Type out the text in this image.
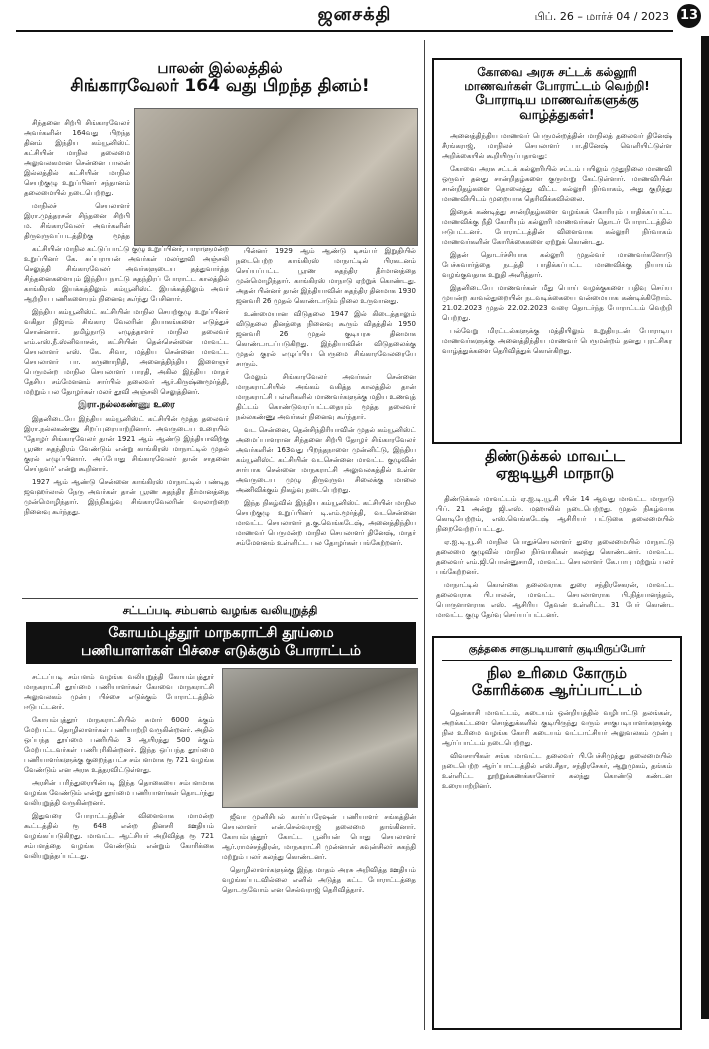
ஜனசக்தி	பிப். 26 – மார்ச் 04 / 2023 13
பாலன் இல்லத்தில்
சிங்காரவேலர் 164 வது பிறந்த தினம்!

சிந்தனை சிற்பி சிங்காரவேலர் அவர்களின் 164வது பிறந்த தினம் இந்திய கம்யூனிஸ்ட் கட்சியின் மாநில தலைமை அலுவலகமான சென்னை பாலன் இல்லத்தில் கட்சியின் மாநில செயற்குழு உறுப்பினர் சந்தானம் தலைமையில் நடைபெற்றது.

மாநிலச் செயலாளர் இரா.முத்தரசன் சிந்தனை சிற்பி ம. சிங்காரவேலர் அவர்களின் திருவுருவப்படத்திற்கு மூத்த

கட்சியின் மாநில கட்டுப்பாட்டு குழு உறுப்பினர், பாராளுமன்ற உறுப்பினர் கே. சுப்பராயன் அவர்கள் மலர்தூவி அஞ்சலி செலுத்தி சிங்காரவேலர் அவர்களுடைய தத்துவார்த்த சிந்தனைகளையும் இந்திய நாட்டு சுதந்திரப் போராட்ட காலத்தில் காங்கிரஸ் இயக்கத்திலும் கம்யூனிஸ்ட் இயக்கத்திலும் அவர் ஆற்றிய பணிகளையும் நினைவு கூர்ந்து பேசினார்.

இந்திய கம்யூனிஸ்ட் கட்சியின் மாநில செயற்குழு உறுப்பினர் வகிதா நிஜாம் சிங்கார வேலரின் தியாகங்களை எடுத்துச் சொன்னார். தமிழ்நாடு எழுத்தாளர் மாநில தலைவர் எம்.எஸ்.நீ.ஸ்னிவாசன், கட்சியின் தென்சென்னை மாவட்ட செயலாளர் எஸ். கே. சிவா, மத்திய சென்னை மாவட்ட செயலாளர் பா. கருணாநிதி, அனைத்திந்திய இளைஞர் பெருமன்ற மாநில செயலாளர் பாரதி, அகில இந்திய மாதர் தேசிய சம்மேளனம் சார்பில் தலைவர் ஆர்.கிருஷ்ணமூர்த்தி, மற்றும் பல தோழர்கள் மலர் தூவி அஞ்சலி செலுத்தினர்.

இரா.நல்லகண்ணு உரை

இதனிடையே இந்திய கம்யூனிஸ்ட் கட்சியின் மூத்த தலைவர் இரா.நல்லகண்ணு சிறப்புரையாற்றினார். அவருடைய உரையில் 'தோழர் சிங்காரவேலர் தான் 1921 ஆம் ஆண்டு இந்தியாவிற்கு பூரண சுதந்திரம் வேண்டும் என்று காங்கிரஸ் மாநாட்டில் முதல் குரல் எழுப்பினார். அப்போது சிங்காரவேலர் தான் சாதனை செய்தவர்' என்று கூறினார்.

1927 ஆம் ஆண்டு சென்னை காங்கிரஸ் மாநாட்டில் பண்டித ஜவஹர்லால் நேரு அவர்கள் தான் பூரண சுதந்திர தீர்மானத்தை முன்மொழிந்தார். இந்நிகழ்வு சிங்காரவேலரின் வரலாற்றை நினைவு கூர்ந்தது.

பின்னர் 1929 ஆம் ஆண்டு டிசம்பர் இறுதியில் நடைபெற்ற காங்கிரஸ் மாநாட்டில் பிரகடனம் செய்யப்பட்ட பூரண சுதந்திர தீர்மானத்தை முன்மொழிந்தார். காங்கிரஸ் மாநாடு ஏற்றுக் கொண்டது. அதன் பின்னர் தான் இந்தியாவின் சுதந்திர தினமாக 1930 ஜனவரி 26 முதல் கொண்டாடும் நிலை உருவானது.

உண்மையான விடுதலை 1947 இல் கிடைத்தாலும் விடுதலை தினத்தை நினைவு கூரும் விதத்தில் 1950 ஜனவரி 26 முதல் குடியரசு தினமாக கொண்டாடப்படுகிறது. இந்தியாவின் விடுதலைக்கு முதல் குரல் எழுப்பிய பெருமை சிங்காரவேலரையே சாரும்.

மேலும் சிங்காரவேலர் அவர்கள் சென்னை மாநகராட்சியில் அங்கம் வகித்த காலத்தில் தான் மாநகராட்சி பள்ளிகளில் மாணவர்களுக்கு மதிய உணவுத் திட்டம் கொண்டுவரப்பட்டதையும் மூத்த தலைவர் நல்லகண்ணு அவர்கள் நினைவு கூர்ந்தார்.

வட சென்னை, தென்சிந்திரியாவின் முதல் கம்யூனிஸ்ட் அமைப்பாளரான சிந்தனை சிற்பி தோழர் சிங்காரவேலர் அவர்களின் 163வது பிறந்தநாளை முன்னிட்டு, இந்திய கம்யூனிஸ்ட் கட்சியின் வடசென்னை மாவட்ட குழுவின் சார்பாக சென்னை மாநகராட்சி அலுவலகத்தில் உள்ள அவருடைய முழு திருவுருவ சிலைக்கு மாலை அணிவிக்கும் நிகழ்வு நடைபெற்றது.

இந்த நிகழ்வில் இந்திய கம்யூனிஸ்ட் கட்சியின் மாநில செயற்குழு உறுப்பினர் டி.எம்.மூர்த்தி, வடசென்னை மாவட்ட செயலாளர் த.கு.வெங்கடேஷ், அனைத்திந்திய மாணவர் பெருமன்ற மாநில செயலாளர் தினேஷ், மாதர் சம்மேளனம் உள்ளிட்ட பல தோழர்கள் பங்கேற்றனர்.

சட்டப்படி சம்பளம் வழங்க வலியுறுத்தி
கோயம்புத்தூர் மாநகராட்சி தூய்மை
பணியாளர்கள் பிச்சை எடுக்கும் போராட்டம்

சட்டப்படி சம்பளம் வழங்க வலியுறுத்தி கோயம்புத்தூர் மாநகராட்சி தூய்மை பணியாளர்கள் கோவை மாநகராட்சி அலுவலகம் முன்பு பிச்சை எடுக்கும் போராட்டத்தில் ஈடுபட்டனர்.

கோயம்புத்தூர் மாநகராட்சியில் சுமார் 6000 க்கும் மேற்பட்ட தொழிலாளர்கள் பணியாற்றி வருகின்றனர். அதில் ஒப்பந்த தூய்மை பணியில் 3 ஆயிரத்து 500 க்கும் மேற்பட்டவர்கள் பணிபுரிகின்றனர். இந்த ஒப்பந்த தூய்மை பணியாளர்களுக்கு குறைந்தபட்ச சம்பளமாக ரூ 721 வழங்க வேண்டும் என அரசு உத்தரவிட்டுள்ளது.

அரசின் பரிந்துரையின்படி இந்த தொகையை சம்பளமாக வழங்க வேண்டும் என்று தூய்மை பணியாளர்கள் தொடர்ந்து வலியுறுத்தி வருகின்றனர்.

இதுவரை போராட்டத்தின் விளைவாக மாமன்ற கூட்டத்தில் ரூ 648 என்ற தினசரி ஊதியம் வழங்கப்படுகிறது. மாவட்ட ஆட்சியர் அறிவித்த ரூ 721 சம்பளத்தை வழங்க வேண்டும் என்றும் கோரிக்கை வலியுறுத்தப்பட்டது.

ஜீவா முனிசிபல் கார்ப்பரேஷன் பணியாளர் சங்கத்தின் செயலாளர் என்.செல்வராஜ் தலைமை தாங்கினார். கோயம்புத்தூர் கோட்ட பூனியன் பொது செயலாளர் ஆர்.ராமச்சந்திரன், மாநகராட்சி முன்னாள் கவுன்சிலர் சுகந்தி மற்றும் பலர் கலந்து கொண்டனர்.

தொழிலாளர்களுக்கு இந்த மாதம் அரசு அறிவித்த ஊதியம் வழங்கப்படவில்லை எனில் அடுத்த கட்ட போராட்டத்தை தொடருவோம் என செல்வராஜ் தெரிவித்தார்.

கோவை அரசு சட்டக் கல்லூரி
மாணவர்கள் போராட்டம் வெற்றி!
போராடிய மாணவர்களுக்கு
வாழ்த்துகள்!

அனைத்திந்திய மாணவர் பெருமன்றத்தின் மாநிலத் தலைவர் தினேஷ் சீரங்கராஜ், மாநிலச் செயலாளர் பா.தினேஷ் வெளியிட்டுள்ள அறிக்கையில் கூறியிருப்பதாவது:

கோவை அரசு சட்டக் கல்லூரியில் சட்டம் பயிலும் முதுநிலை மாணவி ஒருவர் தனது சான்றிதழ்களை குருமாறு கேட்டுள்ளார். மாணவியின் சான்றிதழ்களை தொலைத்து விட்ட கல்லூரி நிர்வாகம், அது குறித்து மாணவியிடம் முறையாக தெரிவிக்கவில்லை.

இதைக் கண்டித்து சான்றிதழ்களை வழங்கக் கோரியும் பாதிக்கப்பட்ட மாணவிக்கு நீதி கோரியும் கல்லூரி மாணவர்கள் தொடர் போராட்டத்தில் ஈடுபட்டனர். போராட்டத்தின் விளைவாக கல்லூரி நிர்வாகம் மாணவர்களின் கோரிக்கைகளை ஏற்றுக் கொண்டது.

இதன் தொடர்ச்சியாக கல்லூரி முதல்வர் மாணவர்களோடு பேச்சுவார்த்தை நடத்தி பாதிக்கப்பட்ட மாணவிக்கு நியாயம் வழங்குவதாக உறுதி அளித்தார்.

இதனிடையே மாணவர்கள் மீது பொய் வழக்குகளை பதிவு செய்ய முயன்ற காவல்துறையின் நடவடிக்கையை வன்மையாக கண்டிக்கிறோம். 21.02.2023 முதல் 22.02.2023 வரை தொடர்ந்த போராட்டம் வெற்றி பெற்றது.

பல்வேறு மிரட்டல்களுக்கு மத்தியிலும் உறுதியுடன் போராடிய மாணவர்களுக்கு அனைத்திந்திய மாணவர் பெருமன்றம் தனது புரட்சிகர வாழ்த்துக்களை தெரிவித்துக் கொள்கிறது.

திண்டுக்கல் மாவட்ட
ஏஐடியூசி மாநாடு

திண்டுக்கல் மாவட்டம் ஏ.ஐ.டி.யூ.சி யின் 14 ஆவது மாவட்ட மாநாடு பிப். 21 அன்று ஜி.எஸ். மஹாலில் நடைபெற்றது. முதல் நிகழ்வாக கொடியேற்றம், எஸ்.வெங்கடேஷ் ஆசிரியர் பட்டுகை தலைமையில் நிறைவேற்றப்பட்டது.

ஏ.ஐ.டி.யூ.சி மாநில பொதுச்செயலாளர் துரை தலைமையில் மாநாட்டு தலைமை குழுவில் மாநில நிர்வாகிகள் கலந்து கொண்டனர். மாவட்ட தலைவர் எம்.ஜி.பொன்னுசாமி, மாவட்ட செயலாளர் கே.பாபு மற்றும் பலர் பங்கேற்றனர்.

மாநாட்டில் கொள்கை தலைவராக துரை சந்திரசேகரன், மாவட்ட தலைவராக பி.பாலன், மாவட்ட செயலாளராக பி.நித்யானந்தம், பொருளாளராக எஸ். ஆசிரிய தேவன் உள்ளிட்ட 31 பேர் கொண்ட மாவட்ட குழு தேர்வு செய்யப்பட்டனர்.

குத்தகை சாகுபடியாளர் குடியிருப்போர்
நில உரிமை கோரும்
கோரிக்கை ஆர்ப்பாட்டம்

தென்காசி மாவட்டம், கடையம் ஒன்றியத்தில் வழிபாட்டு தலங்கள், அறக்கட்டளை சொத்துக்களில் குடியிருந்து வரும் சாகுபடியாளர்களுக்கு நில உரிமை வழங்க கோரி கடையம் வட்டாட்சியர் அலுவலகம் முன்பு ஆர்ப்பாட்டம் நடைபெற்றது.

விவசாயிகள் சங்க மாவட்ட தலைவர் பி.பேச்சிமுத்து தலைமையில் நடைபெற்ற ஆர்ப்பாட்டத்தில் எஸ்.சீதா, சந்திரசேகர், ஆறுமுகம், தங்கம் உள்ளிட்ட நூற்றுக்கணக்கானோர் கலந்து கொண்டு கண்டன உரையாற்றினர்.
